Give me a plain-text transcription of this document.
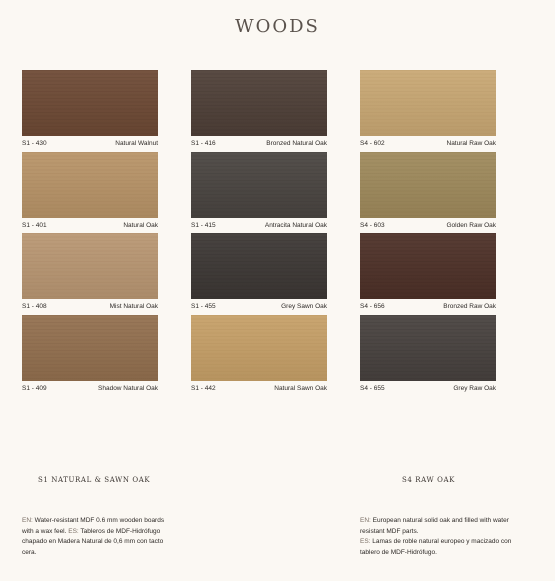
WOODS
S1 - 430	Natural Walnut
S1 - 401	Natural Oak
S1 - 408	Mist Natural Oak
S1 - 409	Shadow Natural Oak
S1 - 416	Bronzed Natural Oak
S1 - 415	Antracita Natural Oak
S1 - 455	Grey Sawn Oak
S1 - 442	Natural Sawn Oak
S4 - 602	Natural Raw Oak
S4 - 603	Golden Raw Oak
S4 - 656	Bronzed Raw Oak
S4 - 655	Grey Raw Oak
S1 NATURAL & SAWN OAK	S4 RAW OAK
EN: Water-resistant MDF 0.6 mm wooden boards with a wax feel. ES: Tableros de MDF-Hidrófugo chapado en Madera Natural de 0,6 mm con tacto cera.
EN: European natural solid oak and filled with water resistant MDF parts.
ES: Lamas de roble natural europeo y macizado con tablero de MDF-Hidrófugo.
